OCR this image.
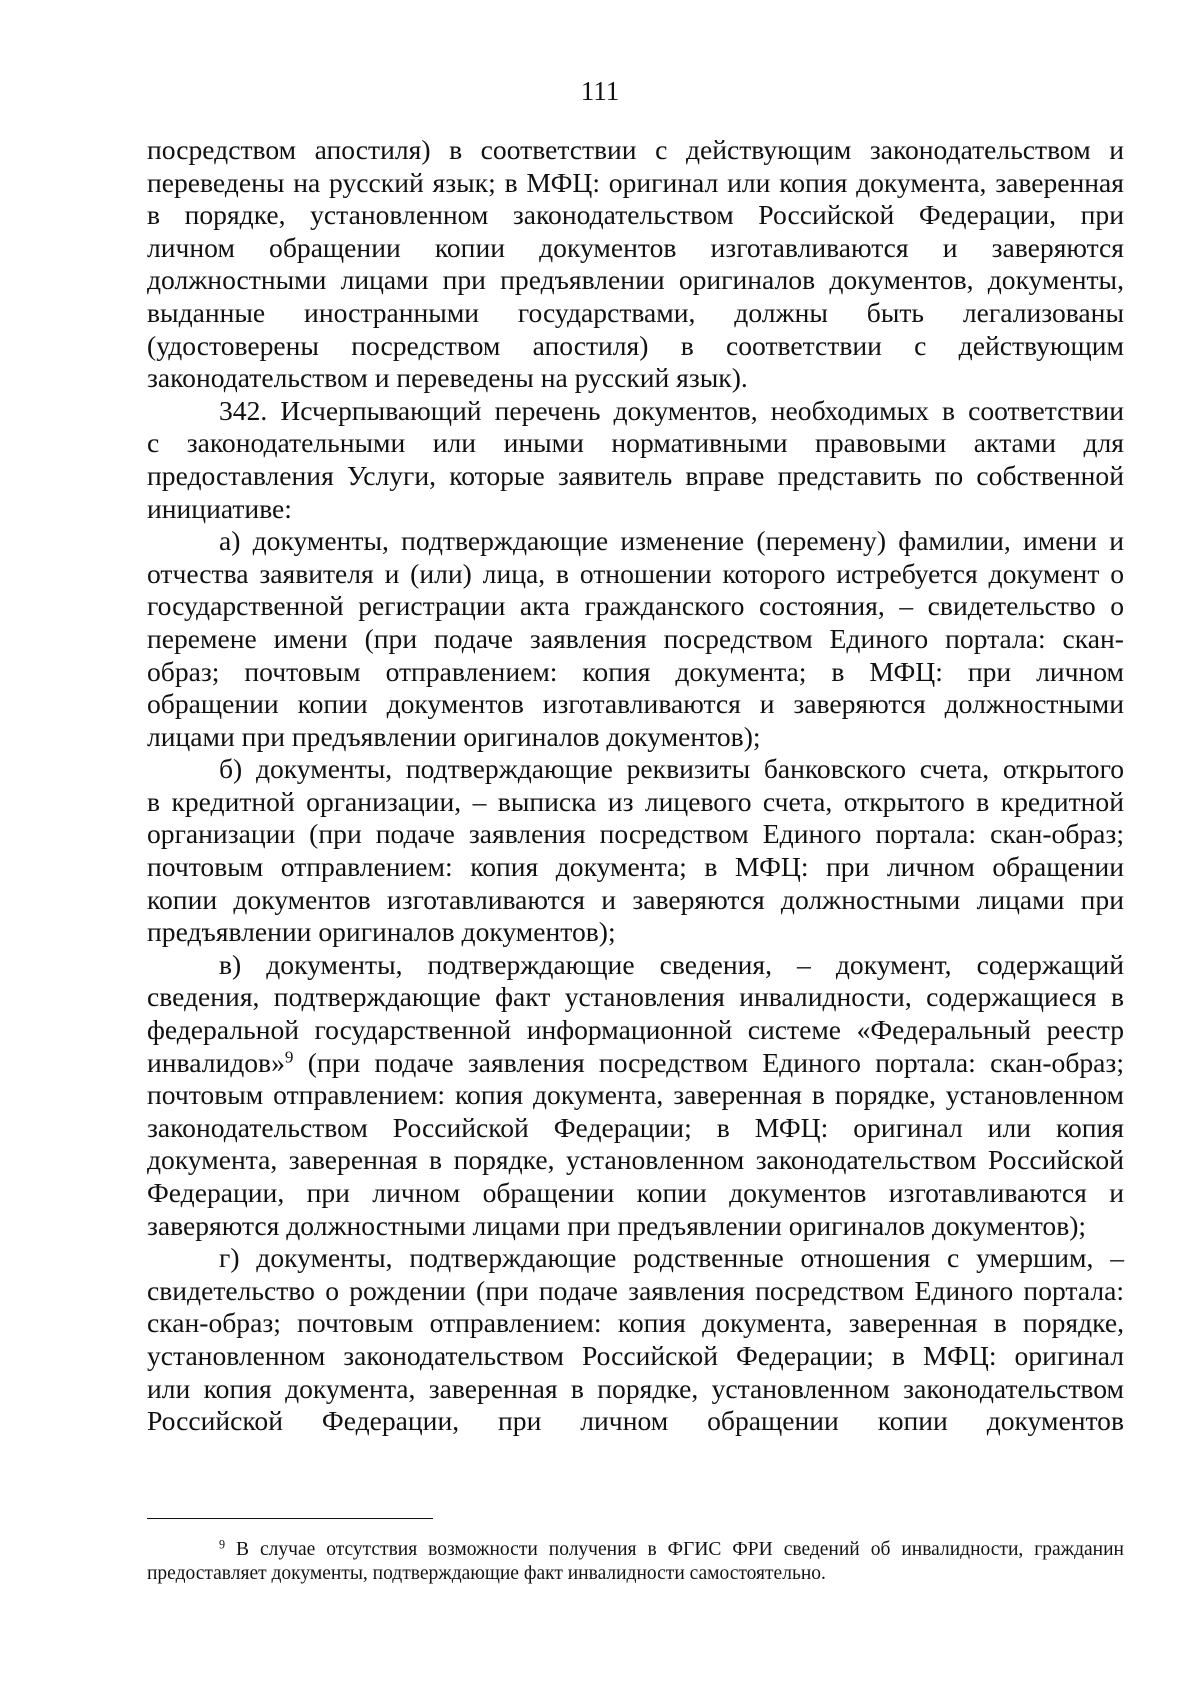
111

посредством апостиля) в соответствии с действующим законодательством и

переведены на русский язык; в МФЦ: оригинал или копия документа, заверенная

в порядке, установленном законодательством Российской Федерации, при

личном обращении копии документов изготавливаются и заверяются

должностными лицами при предъявлении оригиналов документов, документы,

выданные иностранными государствами, должны быть легализованы

(удостоверены посредством апостиля) в соответствии с действующим

законодательством и переведены на русский язык).

342. Исчерпывающий перечень документов, необходимых в соответствии

с законодательными или иными нормативными правовыми актами для

предоставления Услуги, которые заявитель вправе представить по собственной

инициативе:

а) документы, подтверждающие изменение (перемену) фамилии, имени и

отчества заявителя и (или) лица, в отношении которого истребуется документ о

государственной регистрации акта гражданского состояния, – свидетельство о

перемене имени (при подаче заявления посредством Единого портала: скан-

образ; почтовым отправлением: копия документа; в МФЦ: при личном

обращении копии документов изготавливаются и заверяются должностными

лицами при предъявлении оригиналов документов);

б) документы, подтверждающие реквизиты банковского счета, открытого

в кредитной организации, – выписка из лицевого счета, открытого в кредитной

организации (при подаче заявления посредством Единого портала: скан-образ;

почтовым отправлением: копия документа; в МФЦ: при личном обращении

копии документов изготавливаются и заверяются должностными лицами при

предъявлении оригиналов документов);

в) документы, подтверждающие сведения, – документ, содержащий

сведения, подтверждающие факт установления инвалидности, содержащиеся в

федеральной государственной информационной системе «Федеральный реестр

инвалидов»$^9$ (при подаче заявления посредством Единого портала: скан-образ;

почтовым отправлением: копия документа, заверенная в порядке, установленном

законодательством Российской Федерации; в МФЦ: оригинал или копия

документа, заверенная в порядке, установленном законодательством Российской

Федерации, при личном обращении копии документов изготавливаются и

заверяются должностными лицами при предъявлении оригиналов документов);

г) документы, подтверждающие родственные отношения с умершим, –

свидетельство о рождении (при подаче заявления посредством Единого портала:

скан-образ; почтовым отправлением: копия документа, заверенная в порядке,

установленном законодательством Российской Федерации; в МФЦ: оригинал

или копия документа, заверенная в порядке, установленном законодательством

Российской Федерации, при личном обращении копии документов

$^9$ В случае отсутствия возможности получения в ФГИС ФРИ сведений об инвалидности, гражданин предоставляет документы, подтверждающие факт инвалидности самостоятельно.
